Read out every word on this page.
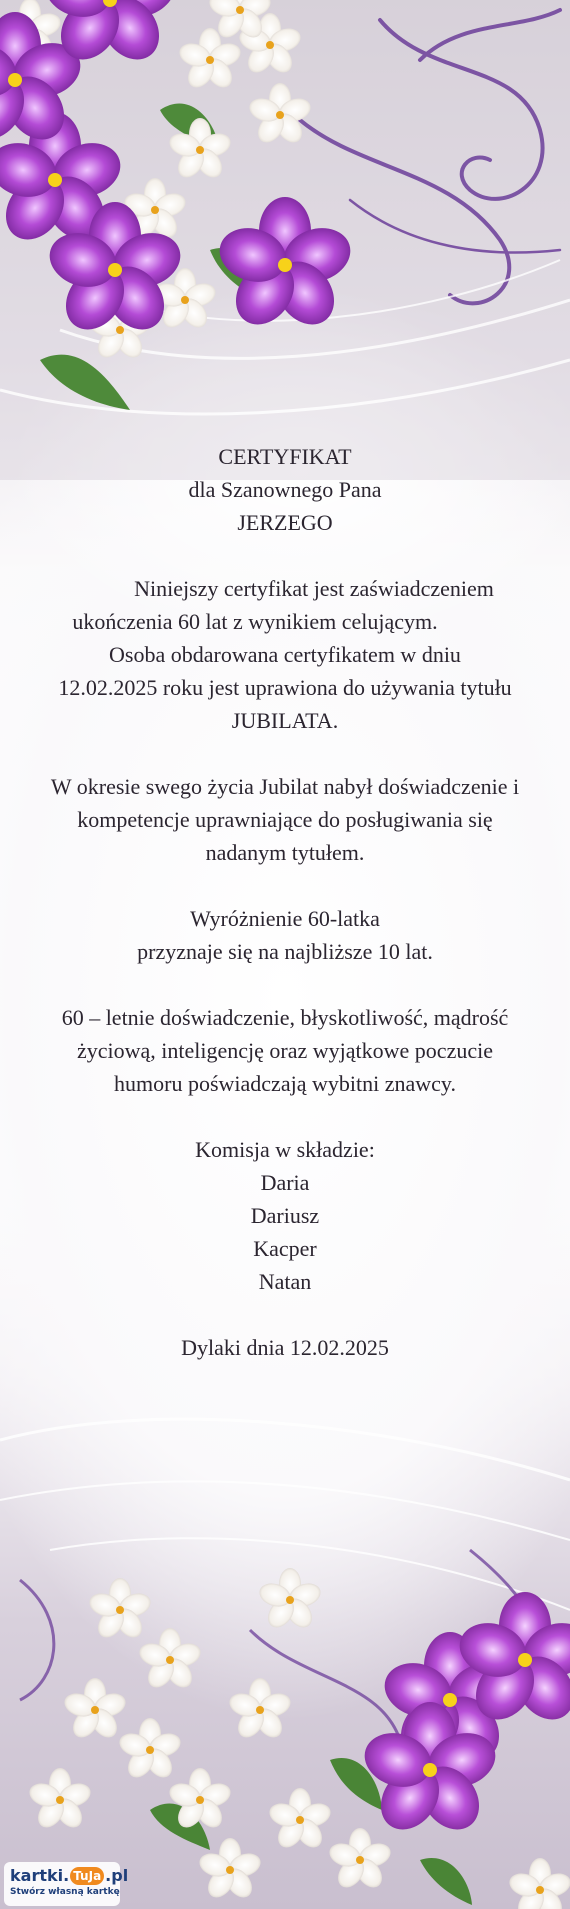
CERTYFIKAT
dla Szanownego Pana
JERZEGO
Niniejszy certyfikat jest zaświadczeniem
ukończenia 60 lat z wynikiem celującym.
Osoba obdarowana certyfikatem w dniu
12.02.2025 roku jest uprawiona do używania tytułu
JUBILATA.
W okresie swego życia Jubilat nabył doświadczenie i
kompetencje uprawniające do posługiwania się
nadanym tytułem.
Wyróżnienie 60-latka
przyznaje się na najbliższe 10 lat.
60 – letnie doświadczenie, błyskotliwość, mądrość
życiową, inteligencję oraz wyjątkowe poczucie
humoru poświadczają wybitni znawcy.
Komisja w składzie:
Daria
Dariusz
Kacper
Natan
Dylaki dnia 12.02.2025
kartki. TuJa .pl
Stwórz własną kartkę
